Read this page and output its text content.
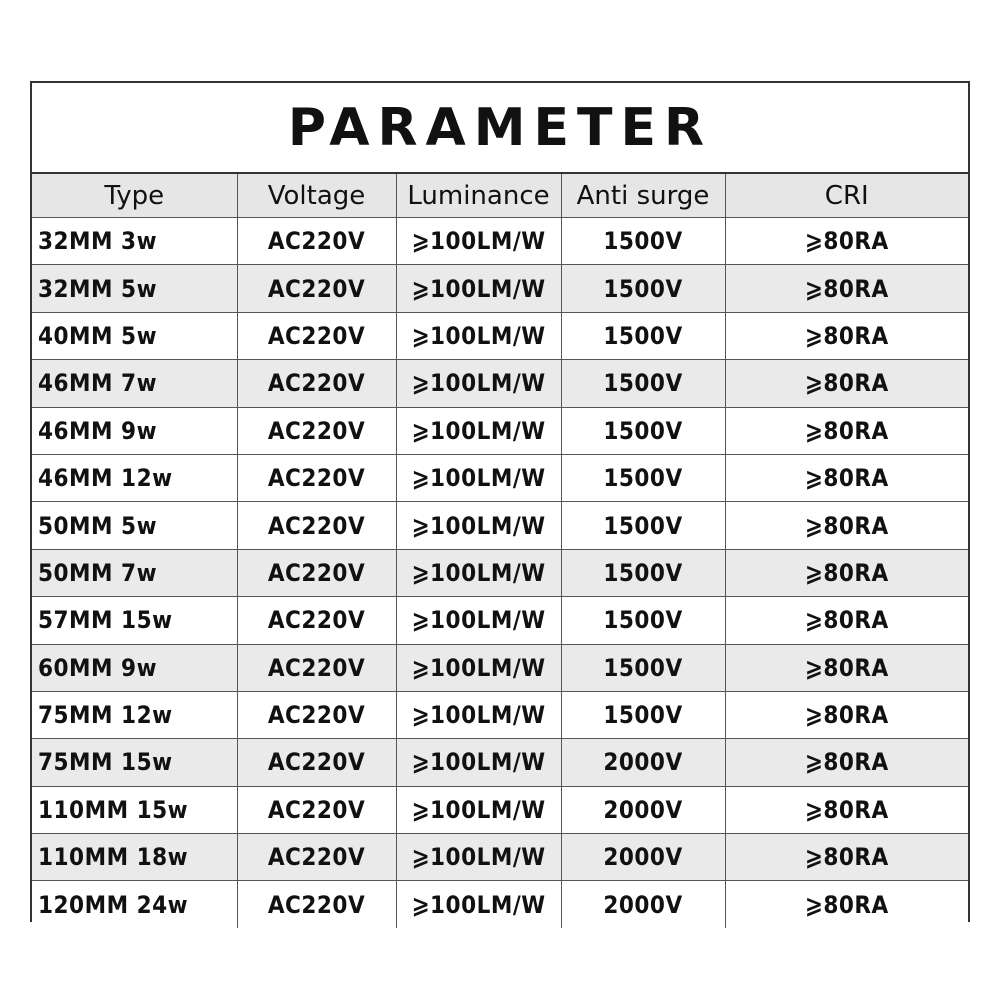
PARAMETER
Type	Voltage	Luminance	Anti surge	CRI
32MM 3w	AC220V	⩾100LM/W	1500V	⩾80RA
32MM 5w	AC220V	⩾100LM/W	1500V	⩾80RA
40MM 5w	AC220V	⩾100LM/W	1500V	⩾80RA
46MM 7w	AC220V	⩾100LM/W	1500V	⩾80RA
46MM 9w	AC220V	⩾100LM/W	1500V	⩾80RA
46MM 12w	AC220V	⩾100LM/W	1500V	⩾80RA
50MM 5w	AC220V	⩾100LM/W	1500V	⩾80RA
50MM 7w	AC220V	⩾100LM/W	1500V	⩾80RA
57MM 15w	AC220V	⩾100LM/W	1500V	⩾80RA
60MM 9w	AC220V	⩾100LM/W	1500V	⩾80RA
75MM 12w	AC220V	⩾100LM/W	1500V	⩾80RA
75MM 15w	AC220V	⩾100LM/W	2000V	⩾80RA
110MM 15w	AC220V	⩾100LM/W	2000V	⩾80RA
110MM 18w	AC220V	⩾100LM/W	2000V	⩾80RA
120MM 24w	AC220V	⩾100LM/W	2000V	⩾80RA
